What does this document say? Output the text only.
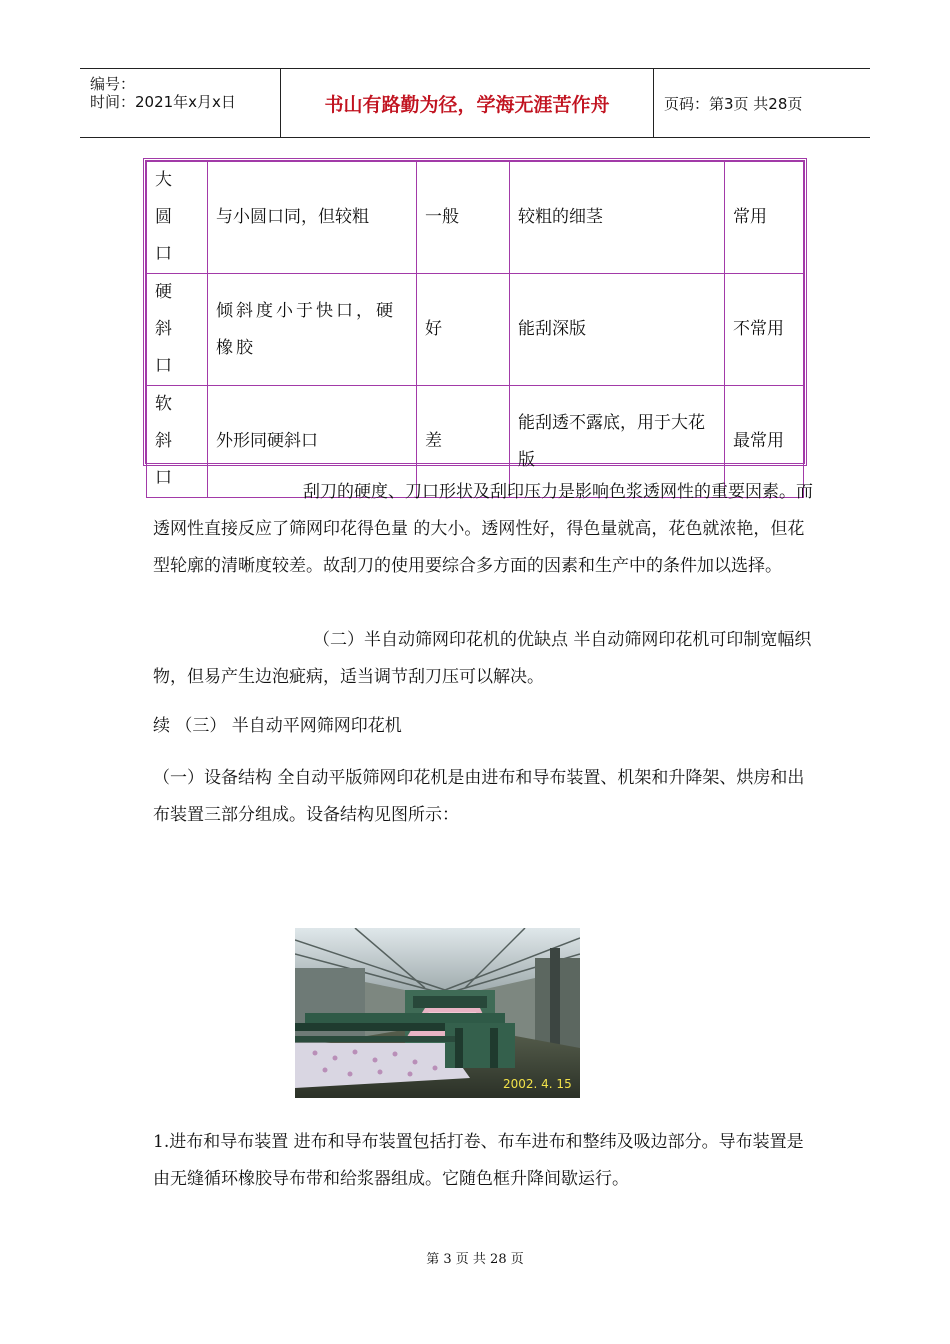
编号：
时间：2021年x月x日	书山有路勤为径，学海无涯苦作舟	页码：第3页 共28页
大圆口	与小圆口同，但较粗	一般	较粗的细茎	常用
硬斜口	倾斜度小于快口，硬橡胶	好	能刮深版	不常用
软斜口	外形同硬斜口	差	能刮透不露底，用于大花版	最常用

刮刀的硬度、刀口形状及刮印压力是影响色浆透网性的重要因素。而透网性直接反应了筛网印花得色量 的大小。透网性好，得色量就高，花色就浓艳，但花型轮廓的清晰度较差。故刮刀的使用要综合多方面的因素和生产中的条件加以选择。

（二）半自动筛网印花机的优缺点 半自动筛网印花机可印制宽幅织物，但易产生边泡疵病，适当调节刮刀压可以解决。

续 （三） 半自动平网筛网印花机

（一）设备结构 全自动平版筛网印花机是由进布和导布装置、机架和升降架、烘房和出布装置三部分组成。设备结构见图所示：

2002. 4. 15

1.进布和导布装置 进布和导布装置包括打卷、布车进布和整纬及吸边部分。导布装置是由无缝循环橡胶导布带和给浆器组成。它随色框升降间歇运行。

第 3 页 共 28 页
